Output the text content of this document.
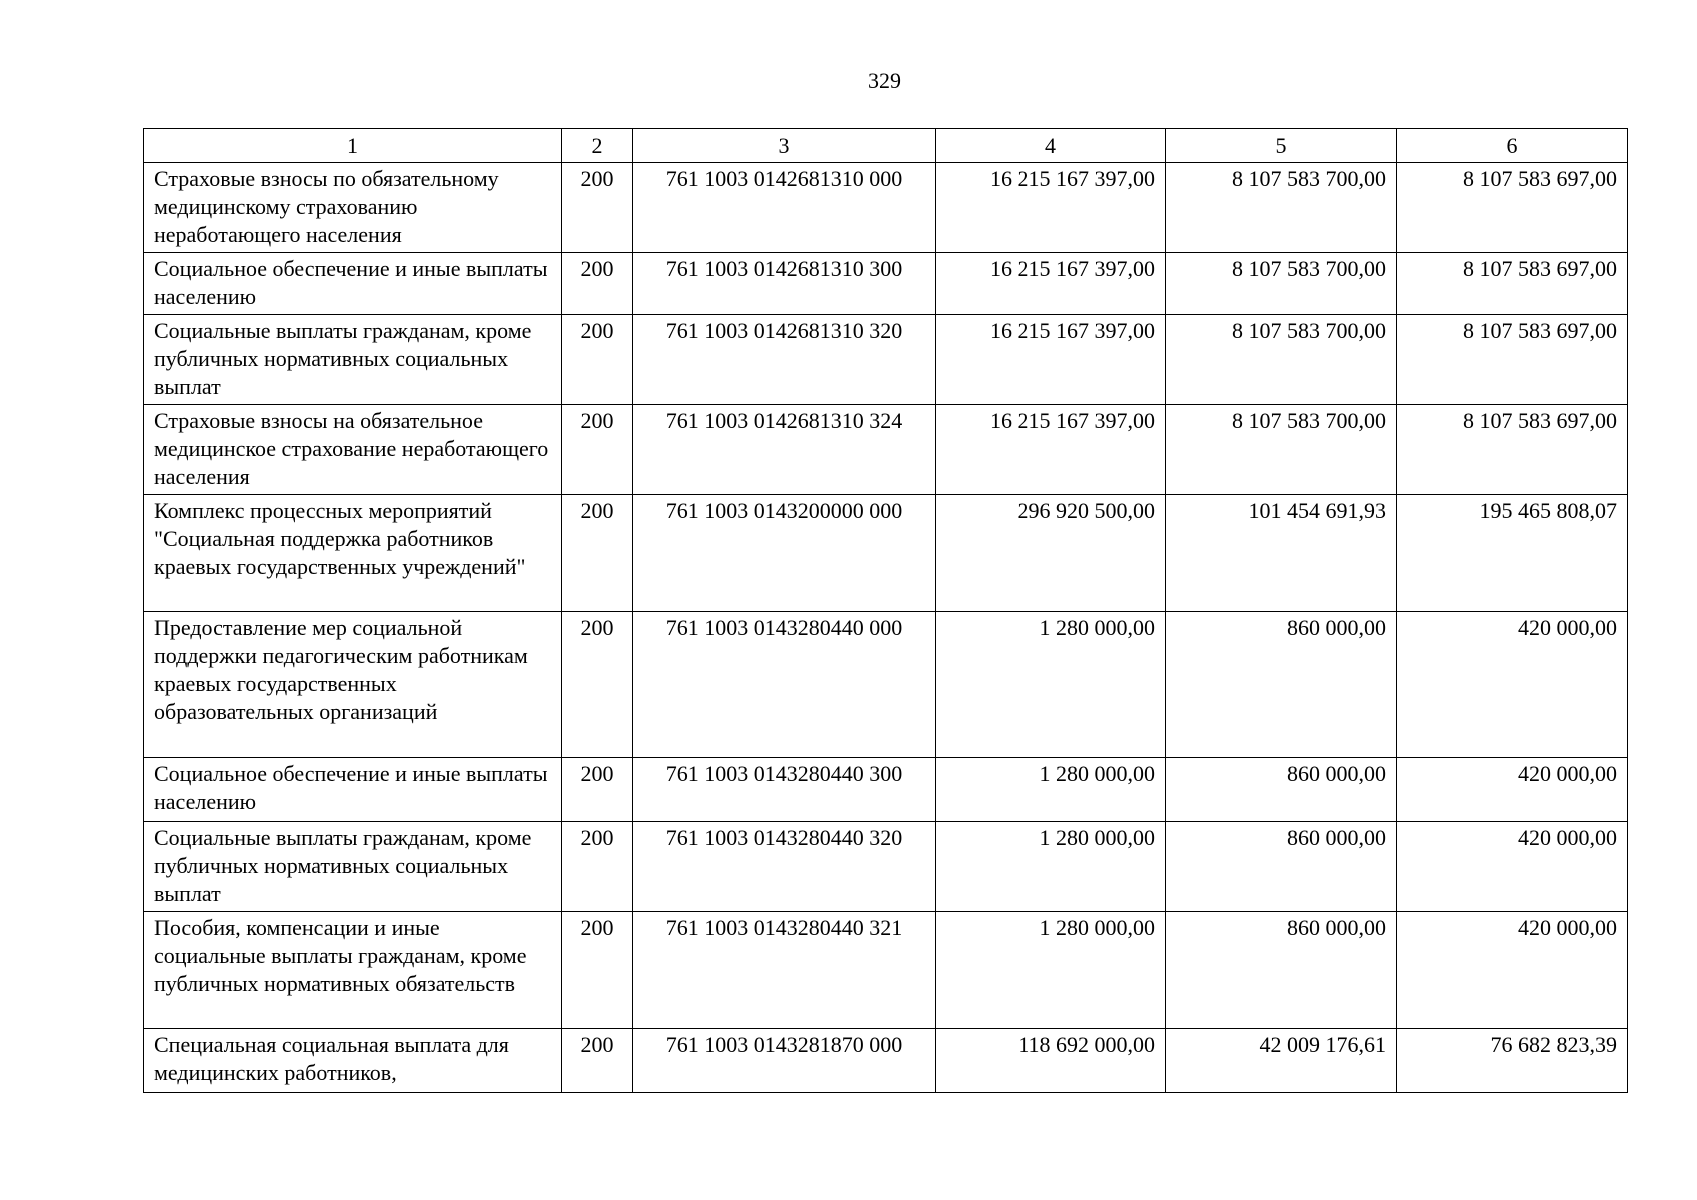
329
1	2	3	4	5	6
Страховые взносы по обязательному медицинскому страхованию неработающего населения	200	761 1003 0142681310 000	16 215 167 397,00	8 107 583 700,00	8 107 583 697,00
Социальное обеспечение и иные выплаты населению	200	761 1003 0142681310 300	16 215 167 397,00	8 107 583 700,00	8 107 583 697,00
Социальные выплаты гражданам, кроме публичных нормативных социальных выплат	200	761 1003 0142681310 320	16 215 167 397,00	8 107 583 700,00	8 107 583 697,00
Страховые взносы на обязательное медицинское страхование неработающего населения	200	761 1003 0142681310 324	16 215 167 397,00	8 107 583 700,00	8 107 583 697,00
Комплекс процессных мероприятий "Социальная поддержка работников краевых государственных учреждений"	200	761 1003 0143200000 000	296 920 500,00	101 454 691,93	195 465 808,07
Предоставление мер социальной поддержки педагогическим работникам краевых государственных образовательных организаций	200	761 1003 0143280440 000	1 280 000,00	860 000,00	420 000,00
Социальное обеспечение и иные выплаты населению	200	761 1003 0143280440 300	1 280 000,00	860 000,00	420 000,00
Социальные выплаты гражданам, кроме публичных нормативных социальных выплат	200	761 1003 0143280440 320	1 280 000,00	860 000,00	420 000,00
Пособия, компенсации и иные социальные выплаты гражданам, кроме публичных нормативных обязательств	200	761 1003 0143280440 321	1 280 000,00	860 000,00	420 000,00
Специальная социальная выплата для медицинских работников,	200	761 1003 0143281870 000	118 692 000,00	42 009 176,61	76 682 823,39
